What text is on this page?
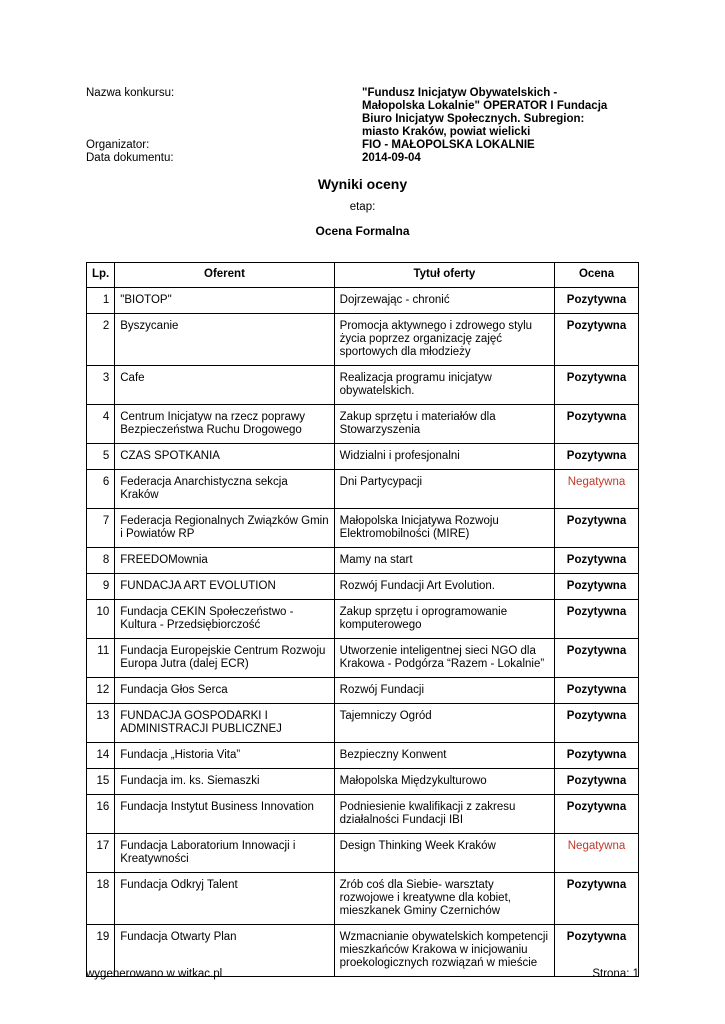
Nazwa konkursu:	"Fundusz Inicjatyw Obywatelskich - Małopolska Lokalnie" OPERATOR I Fundacja Biuro Inicjatyw Społecznych. Subregion: miasto Kraków, powiat wielicki
Organizator:	FIO - MAŁOPOLSKA LOKALNIE
Data dokumentu:	2014-09-04
Wyniki oceny
etap:
Ocena Formalna
Lp.	Oferent	Tytuł oferty	Ocena
1	"BIOTOP"	Dojrzewając - chronić	Pozytywna
2	Byszycanie	Promocja aktywnego i zdrowego stylu życia poprzez organizację zajęć sportowych dla młodzieży	Pozytywna
3	Cafe	Realizacja programu inicjatyw obywatelskich.	Pozytywna
4	Centrum Inicjatyw na rzecz poprawy Bezpieczeństwa Ruchu Drogowego	Zakup sprzętu i materiałów dla Stowarzyszenia	Pozytywna
5	CZAS SPOTKANIA	Widzialni i profesjonalni	Pozytywna
6	Federacja Anarchistyczna sekcja Kraków	Dni Partycypacji	Negatywna
7	Federacja Regionalnych Związków Gmin i Powiatów RP	Małopolska Inicjatywa Rozwoju Elektromobilności (MIRE)	Pozytywna
8	FREEDOMownia	Mamy na start	Pozytywna
9	FUNDACJA ART EVOLUTION	Rozwój Fundacji Art Evolution.	Pozytywna
10	Fundacja CEKIN Społeczeństwo - Kultura - Przedsiębiorczość	Zakup sprzętu i oprogramowanie komputerowego	Pozytywna
11	Fundacja Europejskie Centrum Rozwoju Europa Jutra (dalej ECR)	Utworzenie inteligentnej sieci NGO dla Krakowa - Podgórza “Razem - Lokalnie”	Pozytywna
12	Fundacja Głos Serca	Rozwój Fundacji	Pozytywna
13	FUNDACJA GOSPODARKI I ADMINISTRACJI PUBLICZNEJ	Tajemniczy Ogród	Pozytywna
14	Fundacja „Historia Vita”	Bezpieczny Konwent	Pozytywna
15	Fundacja im. ks. Siemaszki	Małopolska Międzykulturowo	Pozytywna
16	Fundacja Instytut Business Innovation	Podniesienie kwalifikacji z zakresu działalności Fundacji IBI	Pozytywna
17	Fundacja Laboratorium Innowacji i Kreatywności	Design Thinking Week Kraków	Negatywna
18	Fundacja Odkryj Talent	Zrób coś dla Siebie- warsztaty rozwojowe i kreatywne dla kobiet, mieszkanek Gminy Czernichów	Pozytywna
19	Fundacja Otwarty Plan	Wzmacnianie obywatelskich kompetencji mieszkańców Krakowa w inicjowaniu proekologicznych rozwiązań w mieście	Pozytywna
wygenerowano w witkac.pl	Strona: 1
